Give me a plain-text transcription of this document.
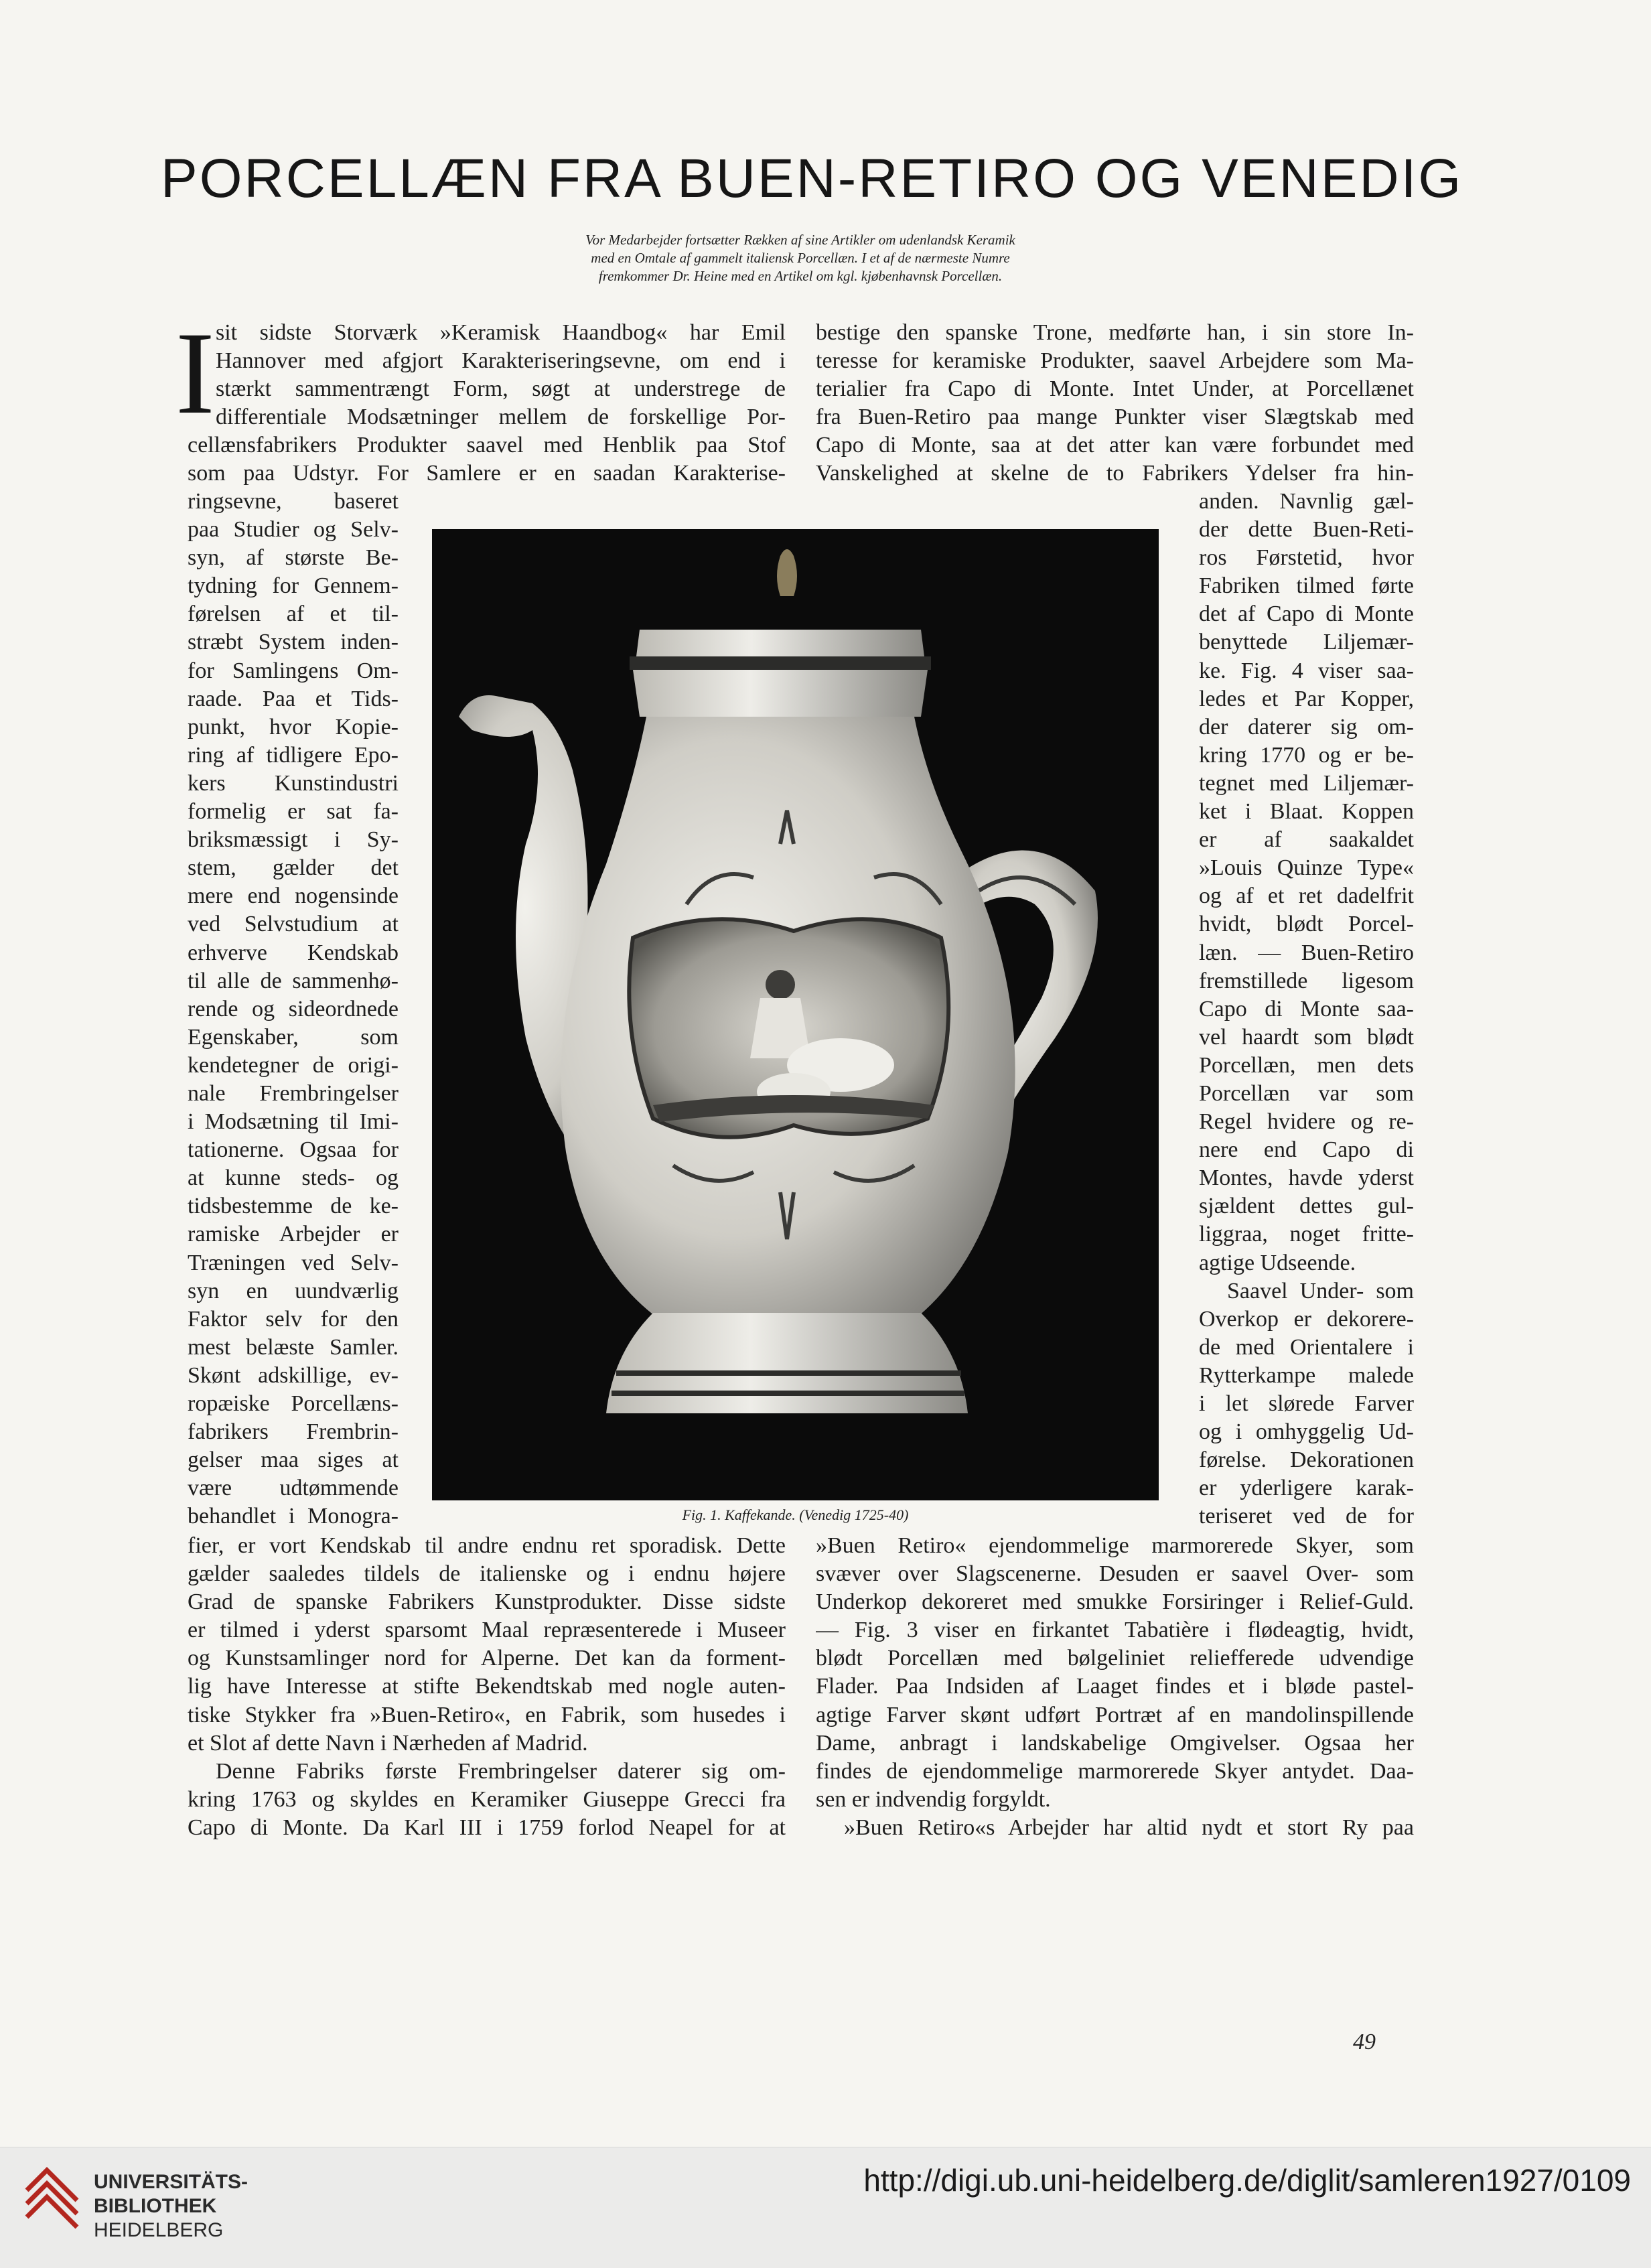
PORCELLÆN FRA BUEN-RETIRO OG VENEDIG
Vor Medarbejder fortsætter Rækken af sine Artikler om udenlandsk Keramik
med en Omtale af gammelt italiensk Porcellæn. I et af de nærmeste Numre
fremkommer Dr. Heine med en Artikel om kgl. kjøbenhavnsk Porcellæn.
I sit sidste Storværk »Keramisk Haandbog« har Emil
Hannover med afgjort Karakteriseringsevne, om end i
stærkt sammentrængt Form, søgt at understrege de
differentiale Modsætninger mellem de forskellige Por-
cellænsfabrikers Produkter saavel med Henblik paa Stof
som paa Udstyr. For Samlere er en saadan Karakterise-
ringsevne, baseret
paa Studier og Selv-
syn, af største Be-
tydning for Gennem-
førelsen af et til-
stræbt System inden-
for Samlingens Om-
raade. Paa et Tids-
punkt, hvor Kopie-
ring af tidligere Epo-
kers Kunstindustri
formelig er sat fa-
briksmæssigt i Sy-
stem, gælder det
mere end nogensinde
ved Selvstudium at
erhverve Kendskab
til alle de sammenhø-
rende og sideordnede
Egenskaber, som
kendetegner de origi-
nale Frembringelser
i Modsætning til Imi-
tationerne. Ogsaa for
at kunne steds- og
tidsbestemme de ke-
ramiske Arbejder er
Træningen ved Selv-
syn en uundværlig
Faktor selv for den
mest belæste Samler.
Skønt adskillige, ev-
ropæiske Porcellæns-
fabrikers Frembrin-
gelser maa siges at
være udtømmende
behandlet i Monogra-
fier, er vort Kendskab til andre endnu ret sporadisk. Dette
gælder saaledes tildels de italienske og i endnu højere
Grad de spanske Fabrikers Kunstprodukter. Disse sidste
er tilmed i yderst sparsomt Maal repræsenterede i Museer
og Kunstsamlinger nord for Alperne. Det kan da forment-
lig have Interesse at stifte Bekendtskab med nogle auten-
tiske Stykker fra »Buen-Retiro«, en Fabrik, som husedes i
et Slot af dette Navn i Nærheden af Madrid.
Denne Fabriks første Frembringelser daterer sig om-
kring 1763 og skyldes en Keramiker Giuseppe Grecci fra
Capo di Monte. Da Karl III i 1759 forlod Neapel for at
bestige den spanske Trone, medførte han, i sin store In-
teresse for keramiske Produkter, saavel Arbejdere som Ma-
terialier fra Capo di Monte. Intet Under, at Porcellænet
fra Buen-Retiro paa mange Punkter viser Slægtskab med
Capo di Monte, saa at det atter kan være forbundet med
Vanskelighed at skelne de to Fabrikers Ydelser fra hin-
anden. Navnlig gæl-
der dette Buen-Reti-
ros Førstetid, hvor
Fabriken tilmed førte
det af Capo di Monte
benyttede Liljemær-
ke. Fig. 4 viser saa-
ledes et Par Kopper,
der daterer sig om-
kring 1770 og er be-
tegnet med Liljemær-
ket i Blaat. Koppen
er af saakaldet
»Louis Quinze Type«
og af et ret dadelfrit
hvidt, blødt Porcel-
læn. — Buen-Retiro
fremstillede ligesom
Capo di Monte saa-
vel haardt som blødt
Porcellæn, men dets
Porcellæn var som
Regel hvidere og re-
nere end Capo di
Montes, havde yderst
sjældent dettes gul-
liggraa, noget fritte-
agtige Udseende.
Saavel Under- som
Overkop er dekorere-
de med Orientalere i
Rytterkampe malede
i let slørede Farver
og i omhyggelig Ud-
førelse. Dekorationen
er yderligere karak-
teriseret ved de for
»Buen Retiro« ejendommelige marmorerede Skyer, som
svæver over Slagscenerne. Desuden er saavel Over- som
Underkop dekoreret med smukke Forsiringer i Relief-Guld.
— Fig. 3 viser en firkantet Tabatière i flødeagtig, hvidt,
blødt Porcellæn med bølgeliniet reliefferede udvendige
Flader. Paa Indsiden af Laaget findes et i bløde pastel-
agtige Farver skønt udført Portræt af en mandolinspillende
Dame, anbragt i landskabelige Omgivelser. Ogsaa her
findes de ejendommelige marmorerede Skyer antydet. Daa-
sen er indvendig forgyldt.
»Buen Retiro«s Arbejder har altid nydt et stort Ry paa
Fig. 1. Kaffekande. (Venedig 1725-40)
49
UNIVERSITÄTS-
BIBLIOTHEK
HEIDELBERG
http://digi.ub.uni-heidelberg.de/diglit/samleren1927/0109
